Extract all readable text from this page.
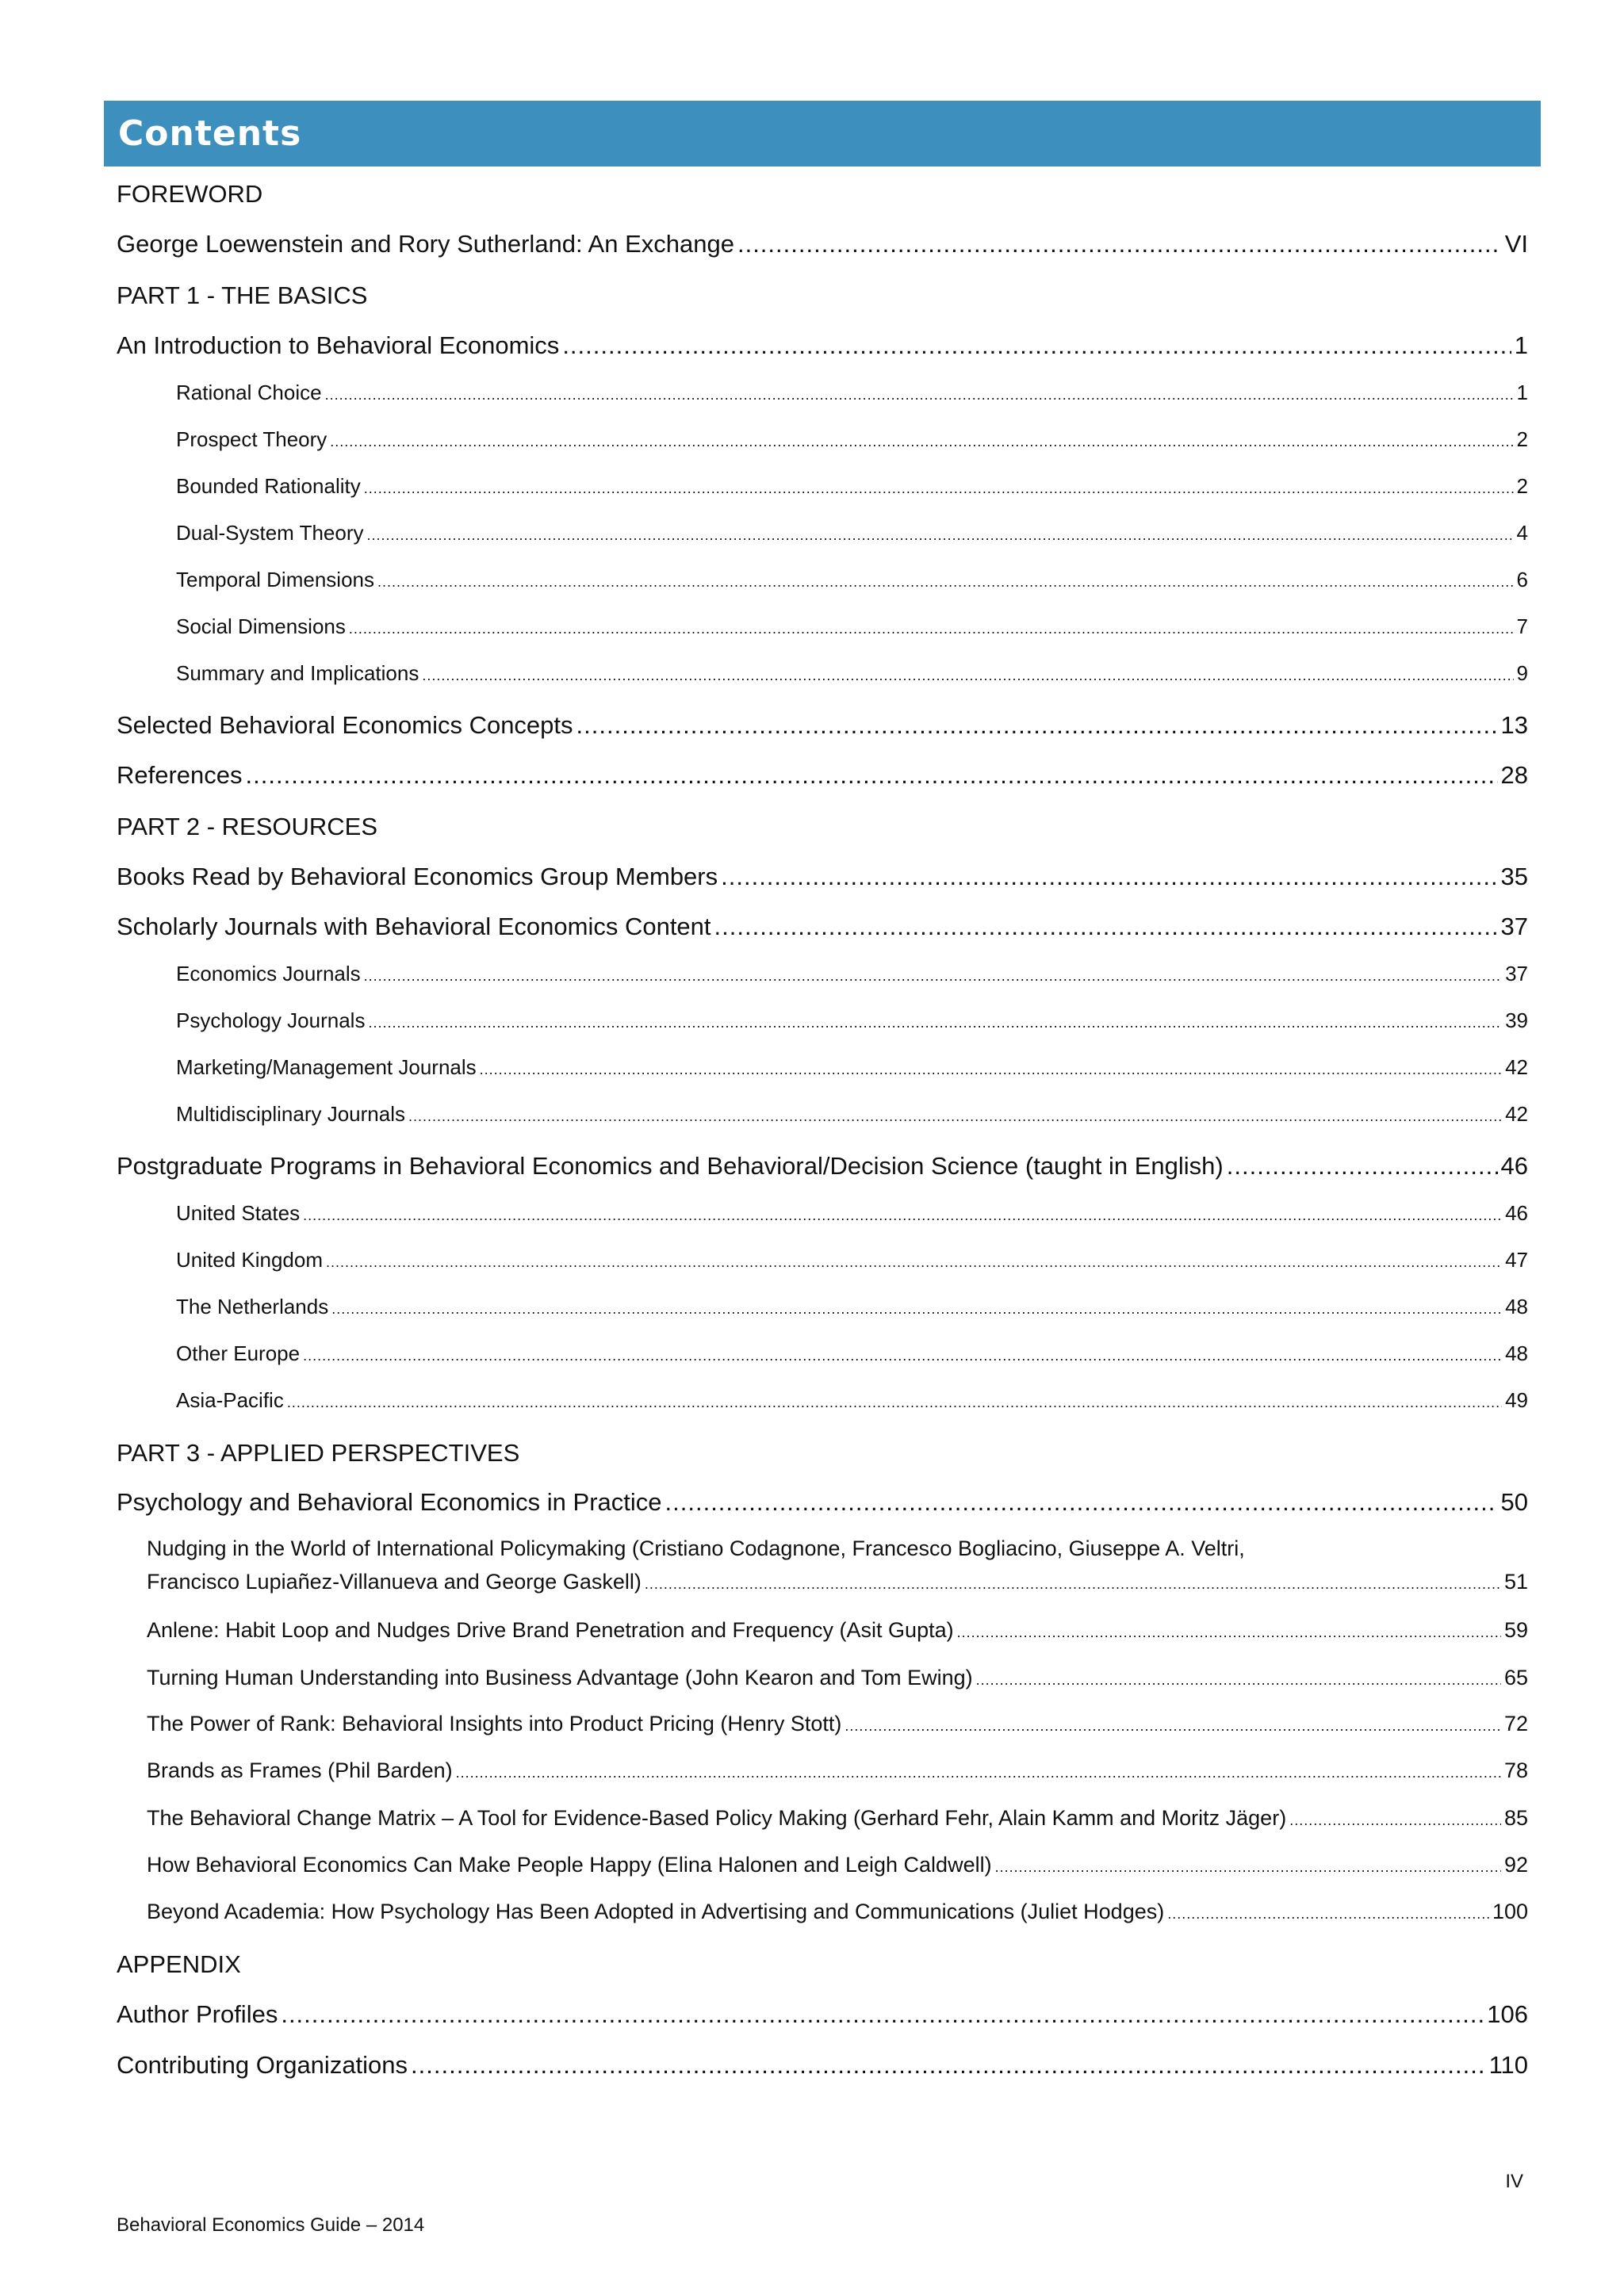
Contents
FOREWORD
George Loewenstein and Rory Sutherland: An Exchange .....	VI
PART 1 - THE BASICS
An Introduction to Behavioral Economics .....	1
Rational Choice .....	1
Prospect Theory .....	2
Bounded Rationality .....	2
Dual-System Theory .....	4
Temporal Dimensions .....	6
Social Dimensions .....	7
Summary and Implications .....	9
Selected Behavioral Economics Concepts .....	13
References .....	28
PART 2 - RESOURCES
Books Read by Behavioral Economics Group Members .....	35
Scholarly Journals with Behavioral Economics Content .....	37
Economics Journals .....	37
Psychology Journals .....	39
Marketing/Management Journals .....	42
Multidisciplinary Journals .....	42
Postgraduate Programs in Behavioral Economics and Behavioral/Decision Science (taught in English) .....	46
United States .....	46
United Kingdom .....	47
The Netherlands .....	48
Other Europe .....	48
Asia-Pacific .....	49
PART 3 - APPLIED PERSPECTIVES
Psychology and Behavioral Economics in Practice .....	50
Nudging in the World of International Policymaking (Cristiano Codagnone, Francesco Bogliacino, Giuseppe A. Veltri,
Francisco Lupiañez-Villanueva and George Gaskell) .....	51
Anlene: Habit Loop and Nudges Drive Brand Penetration and Frequency (Asit Gupta) .....	59
Turning Human Understanding into Business Advantage (John Kearon and Tom Ewing) .....	65
The Power of Rank: Behavioral Insights into Product Pricing (Henry Stott) .....	72
Brands as Frames (Phil Barden) .....	78
The Behavioral Change Matrix – A Tool for Evidence-Based Policy Making (Gerhard Fehr, Alain Kamm and Moritz Jäger) .....	85
How Behavioral Economics Can Make People Happy (Elina Halonen and Leigh Caldwell) .....	92
Beyond Academia: How Psychology Has Been Adopted in Advertising and Communications (Juliet Hodges) .....	100
APPENDIX
Author Profiles .....	106
Contributing Organizations .....	110
IV
Behavioral Economics Guide – 2014
